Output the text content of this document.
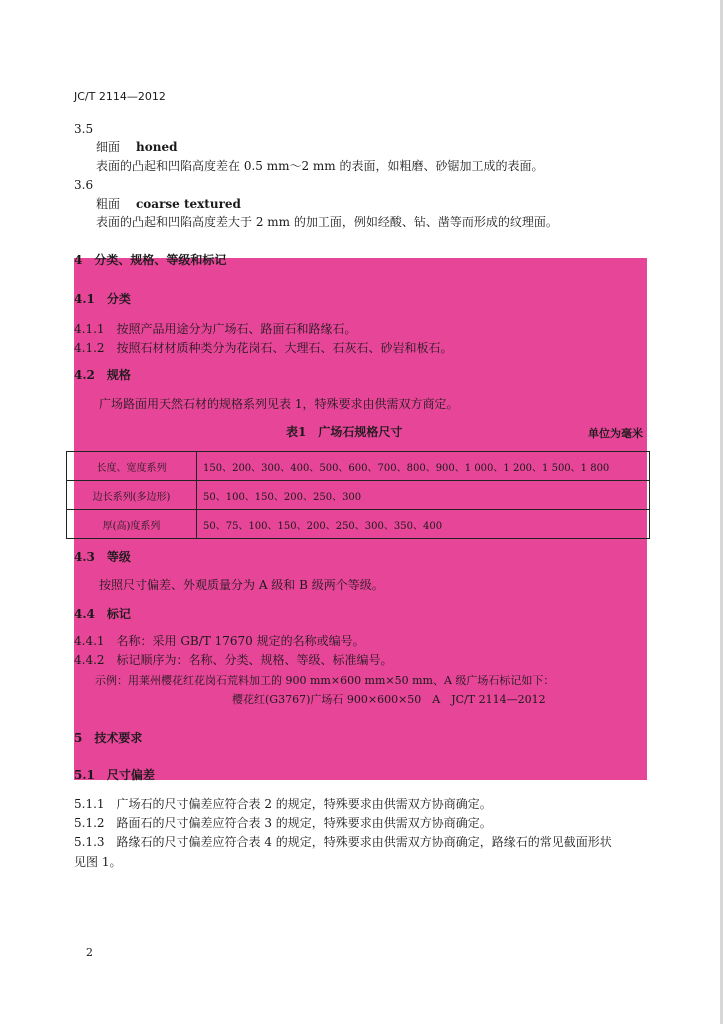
JC/T 2114—2012
3.5
细面 honed
表面的凸起和凹陷高度差在 0.5 mm～2 mm 的表面，如粗磨、砂锯加工成的表面。
3.6
粗面 coarse textured
表面的凸起和凹陷高度差大于 2 mm 的加工面，例如经酸、钻、凿等而形成的纹理面。
4　分类、规格、等级和标记
4.1　分类
4.1.1　按照产品用途分为广场石、路面石和路缘石。
4.1.2　按照石材材质种类分为花岗石、大理石、石灰石、砂岩和板石。
4.2　规格
广场路面用天然石材的规格系列见表 1，特殊要求由供需双方商定。
表1　广场石规格尺寸	单位为毫米
长度、宽度系列	150、200、300、400、500、600、700、800、900、1 000、1 200、1 500、1 800
边长系列(多边形)	50、100、150、200、250、300
厚(高)度系列	50、75、100、150、200、250、300、350、400
4.3　等级
按照尺寸偏差、外观质量分为 A 级和 B 级两个等级。
4.4　标记
4.4.1　名称：采用 GB/T 17670 规定的名称或编号。
4.4.2　标记顺序为：名称、分类、规格、等级、标准编号。
示例：用莱州樱花红花岗石荒料加工的 900 mm×600 mm×50 mm、A 级广场石标记如下：
樱花红(G3767)广场石 900×600×50　A　JC/T 2114—2012
5　技术要求
5.1　尺寸偏差
5.1.1　广场石的尺寸偏差应符合表 2 的规定，特殊要求由供需双方协商确定。
5.1.2　路面石的尺寸偏差应符合表 3 的规定，特殊要求由供需双方协商确定。
5.1.3　路缘石的尺寸偏差应符合表 4 的规定，特殊要求由供需双方协商确定，路缘石的常见截面形状
见图 1。
2
